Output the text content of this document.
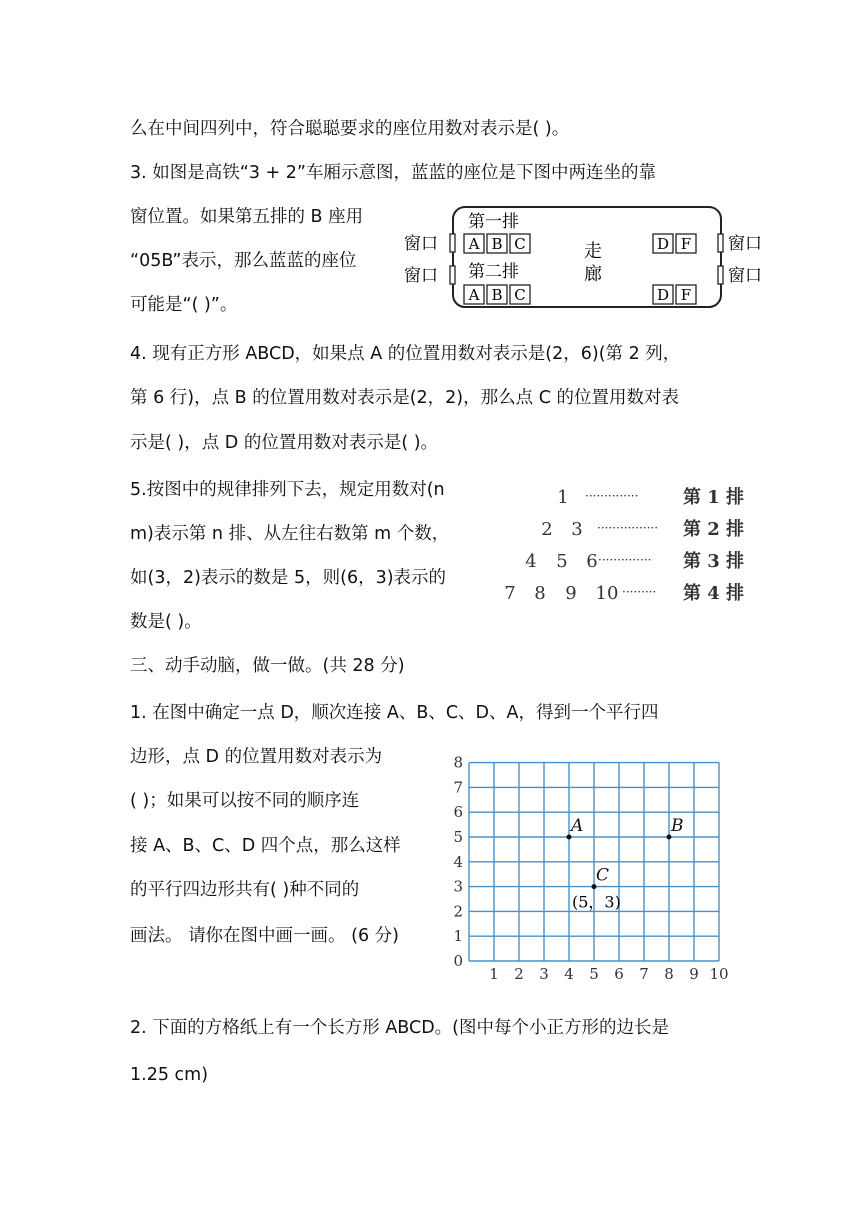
么在中间四列中，符合聪聪要求的座位用数对表示是( )。
3. 如图是高铁“3 + 2”车厢示意图，蓝蓝的座位是下图中两连坐的靠
窗位置。如果第五排的 B 座用
“05B”表示，那么蓝蓝的座位
可能是“( )”。
4. 现有正方形 ABCD，如果点 A 的位置用数对表示是(2，6)(第 2 列，
第 6 行)，点 B 的位置用数对表示是(2，2)，那么点 C 的位置用数对表
示是( )，点 D 的位置用数对表示是( )。
5.按图中的规律排列下去，规定用数对(n
m)表示第 n 排、从左往右数第 m 个数，
如(3，2)表示的数是 5，则(6，3)表示的
数是( )。
三、动手动脑，做一做。(共 28 分)
1. 在图中确定一点 D，顺次连接 A、B、C、D、A，得到一个平行四
边形，点 D 的位置用数对表示为
( )；如果可以按不同的顺序连
接 A、B、C、D 四个点，那么这样
的平行四边形共有( )种不同的
画法。 请你在图中画一画。 (6 分)
2. 下面的方格纸上有一个长方形 ABCD。(图中每个小正方形的边长是
1.25 cm)
窗口
窗口
窗口
窗口
第一排
第二排
走
廊
A B C
A B C
D F
D F
1 ·············· 第 1 排
2 3 ················ 第 2 排
4 5 6 ·············· 第 3 排
7 8 9 10 ········· 第 4 排
1 2 3 4 5 6 7 8 9 10
0
1
2
3
4
5
6
7
8
A	B
C
(5，3)
